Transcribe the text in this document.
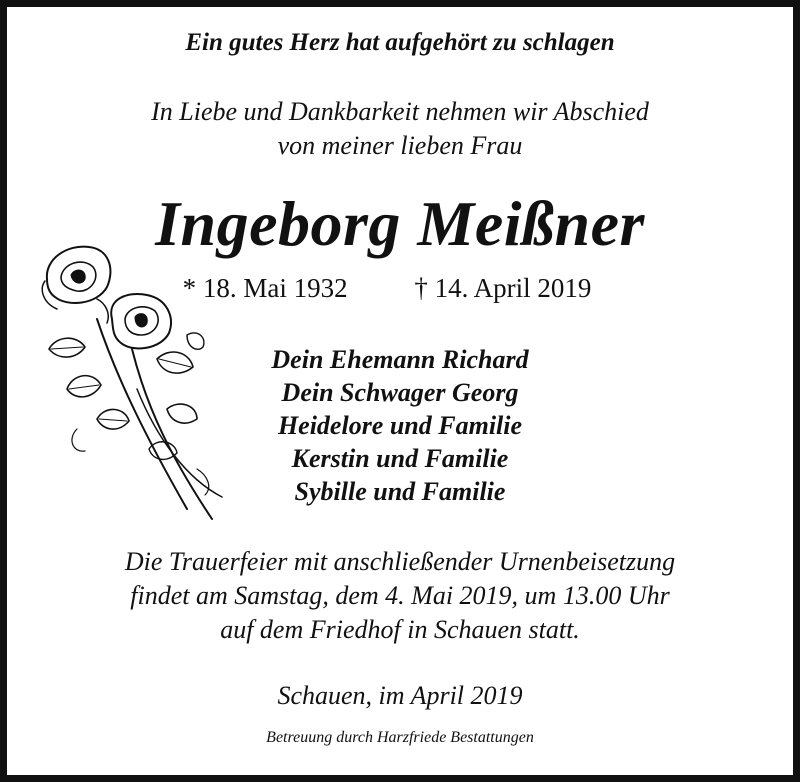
Ein gutes Herz hat aufgehört zu schlagen
In Liebe und Dankbarkeit nehmen wir Abschied
von meiner lieben Frau
Ingeborg Meißner
* 18. Mai 1932 † 14. April 2019
Dein Ehemann Richard
Dein Schwager Georg
Heidelore und Familie
Kerstin und Familie
Sybille und Familie
Die Trauerfeier mit anschließender Urnenbeisetzung
findet am Samstag, dem 4. Mai 2019, um 13.00 Uhr
auf dem Friedhof in Schauen statt.
Schauen, im April 2019
Betreuung durch Harzfriede Bestattungen
